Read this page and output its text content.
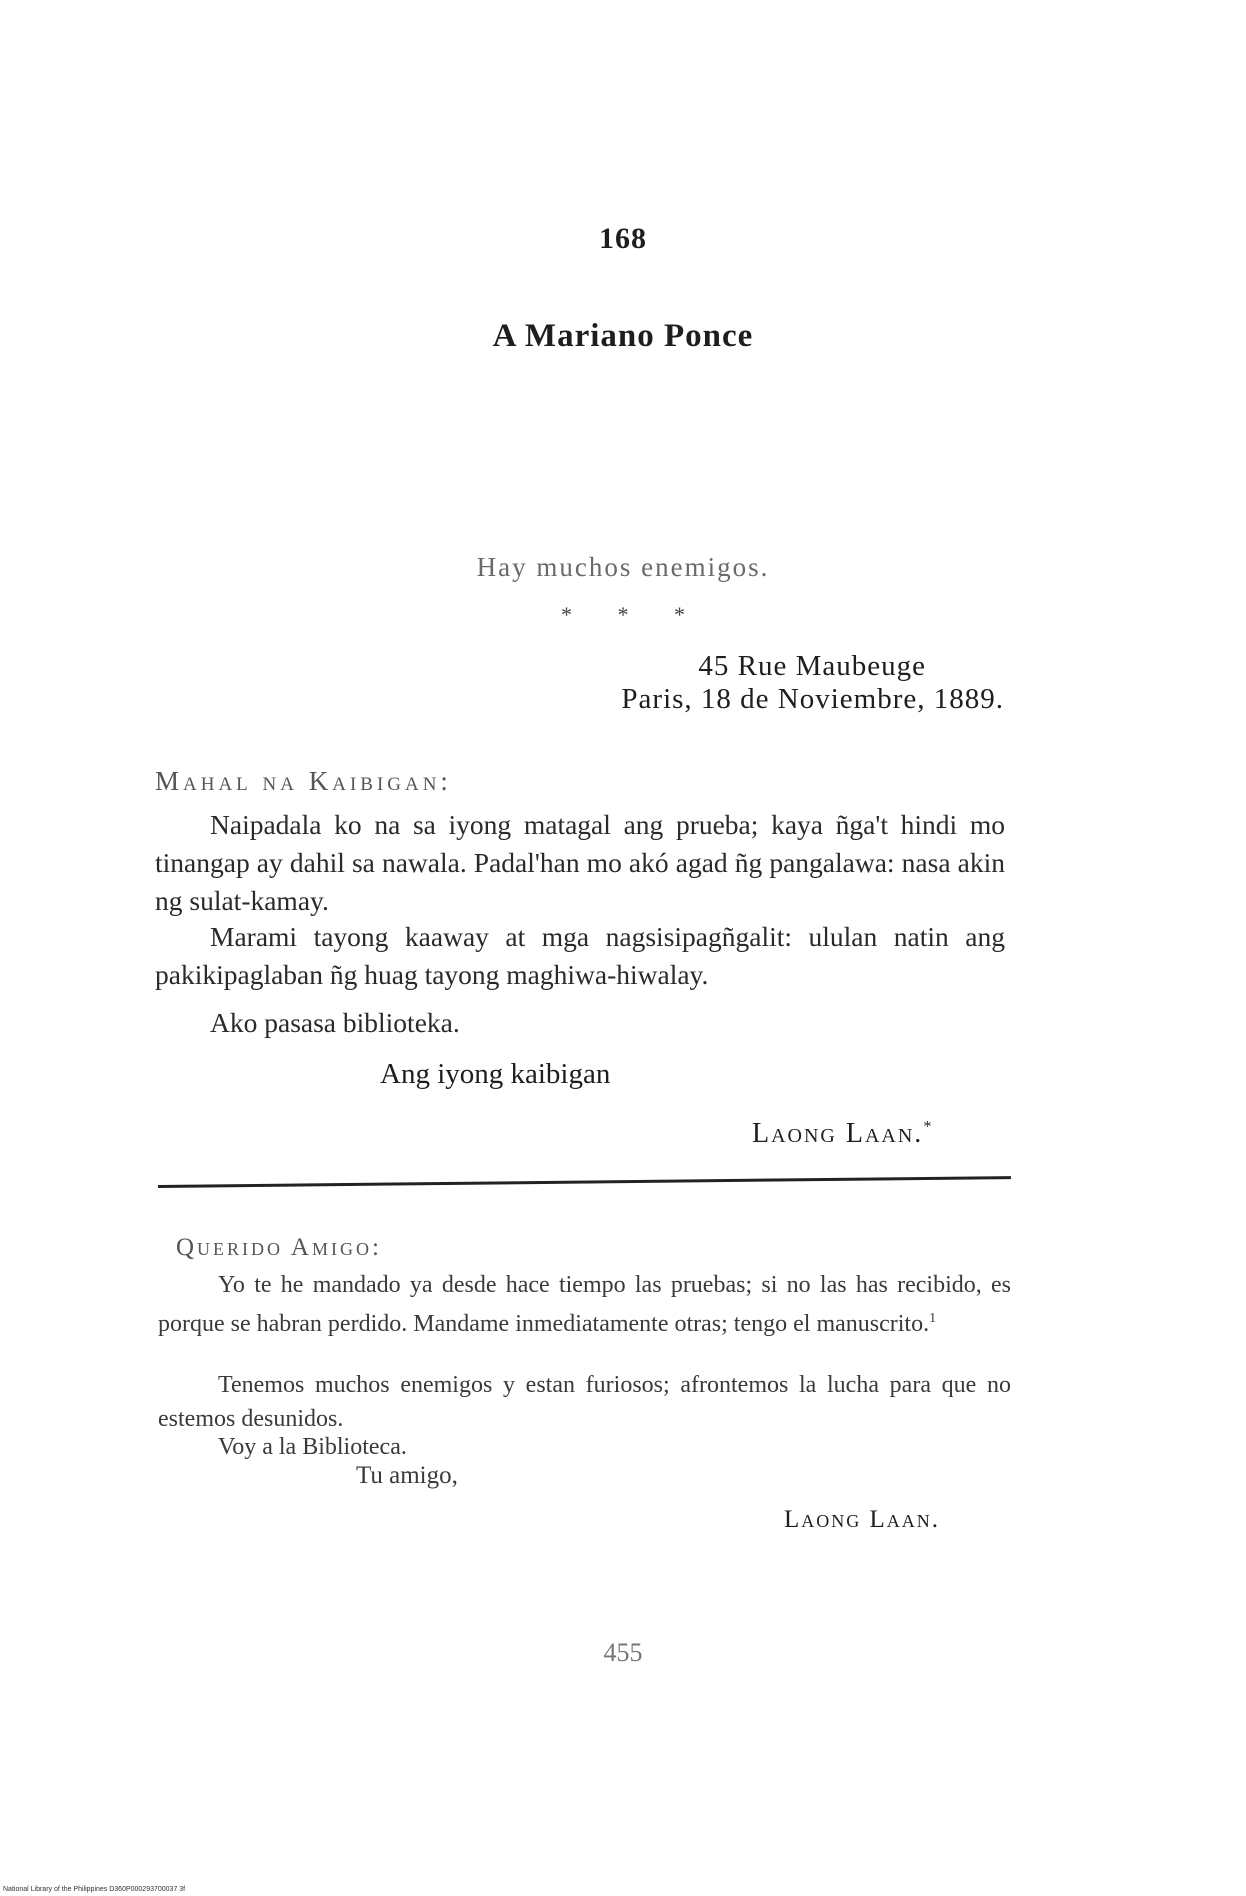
168
A Mariano Ponce
Hay muchos enemigos.
* * *
45 Rue Maubeuge
Paris, 18 de Noviembre, 1889.
Mahal na Kaibigan:

Naipadala ko na sa iyong matagal ang prueba; kaya ñga't hindi mo tinangap ay dahil sa nawala. Padal'han mo akó agad ñg pangalawa: nasa akin ng sulat-kamay.

Marami tayong kaaway at mga nagsisipagñgalit: ululan natin ang pakikipaglaban ñg huag tayong maghiwa-hiwalay.

Ako pasasa biblioteka.

Ang iyong kaibigan
Laong Laan.*
Querido Amigo:

Yo te he mandado ya desde hace tiempo las pruebas; si no las has recibido, es porque se habran perdido. Mandame inmediatamente otras; tengo el manuscrito.$^1$

Tenemos muchos enemigos y estan furiosos; afrontemos la lucha para que no estemos desunidos.

Voy a la Biblioteca.

Tu amigo,
Laong Laan.
455
National Library of the Philippines D360P000293700037 3f
